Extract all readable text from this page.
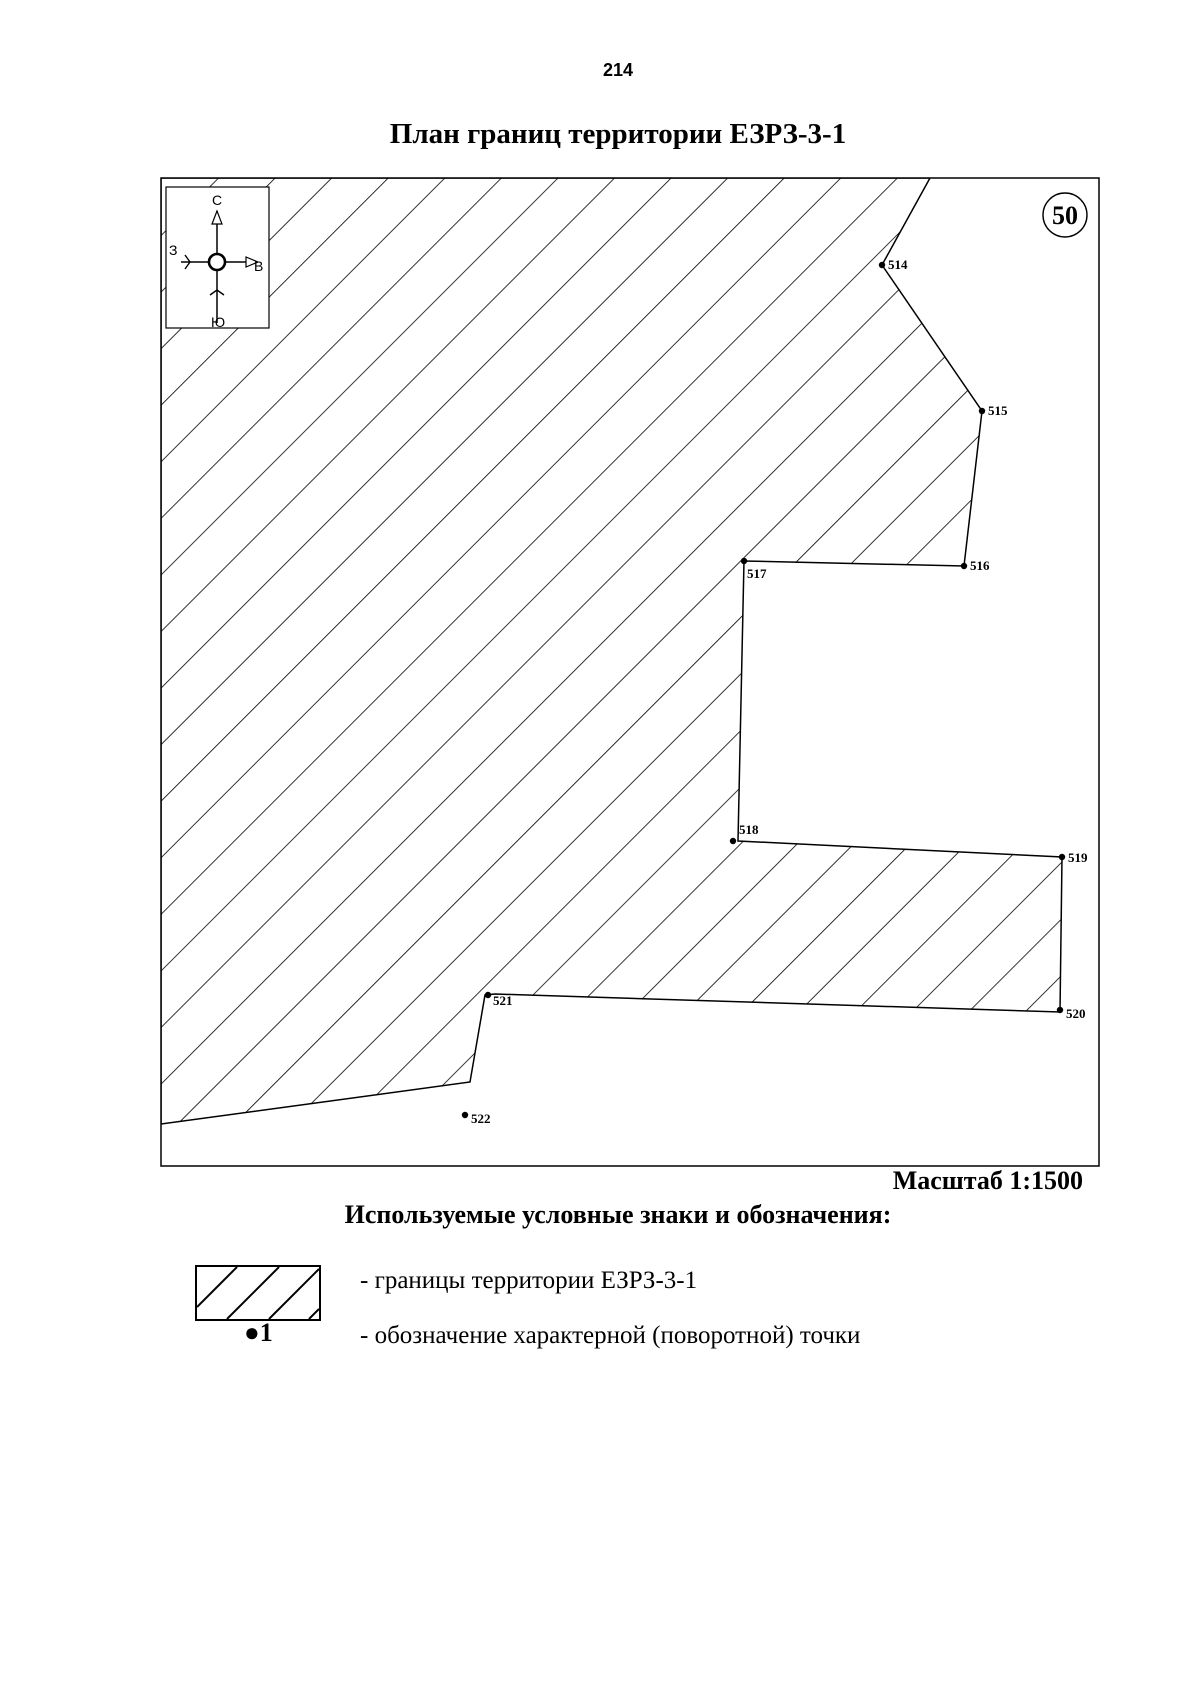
214
План границ территории ЕЗРЗ-3-1
С
З
В
Ю
50
514
515
516
517
518
519
520
521
522
Масштаб 1:1500
Используемые условные знаки и обозначения:
●1
- границы территории ЕЗРЗ-3-1
- обозначение характерной (поворотной) точки
